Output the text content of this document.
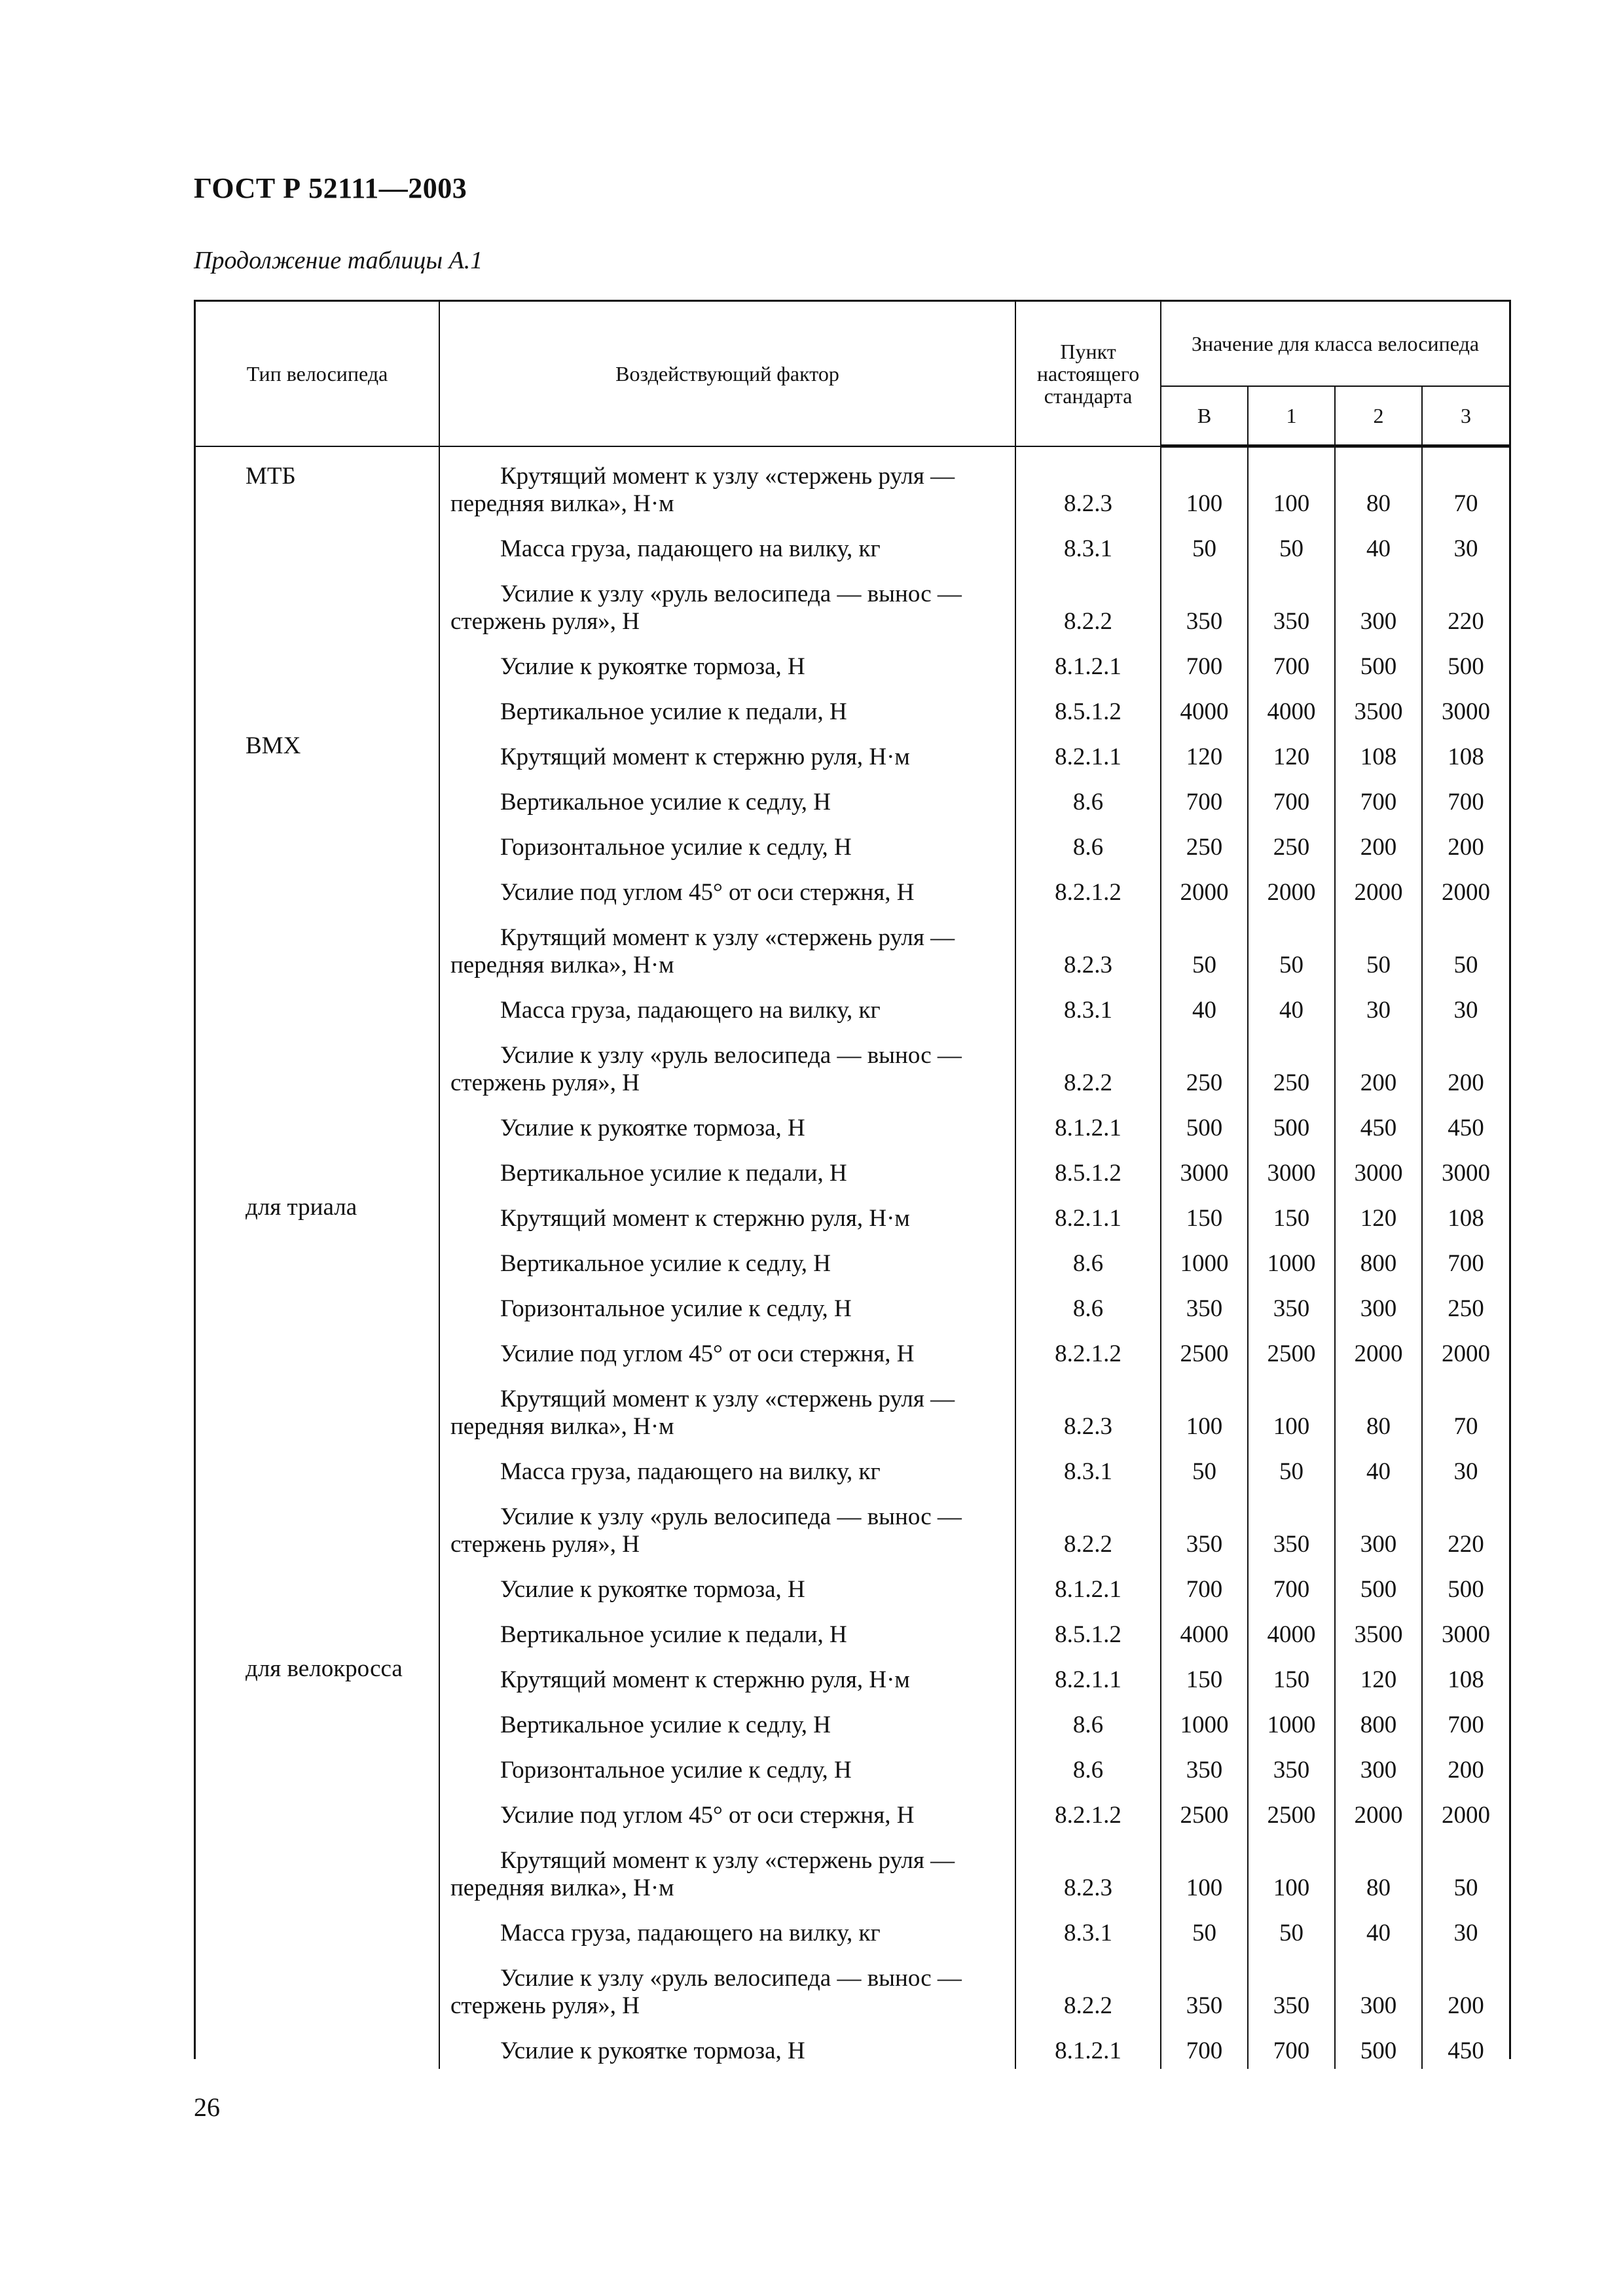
ГОСТ Р 52111—2003
Продолжение таблицы А.1
Тип велосипеда	Воздействующий фактор	Пункт настоящего стандарта	Значение для класса велосипеда			
			В	1	2	3
МТБ	Крутящий момент к узлу «стержень руля — передняя вилка», Н·м	8.2.3	100	100	80	70
	Масса груза, падающего на вилку, кг	8.3.1	50	50	40	30
	Усилие к узлу «руль велосипеда — вынос — стержень руля», Н	8.2.2	350	350	300	220
	Усилие к рукоятке тормоза, Н	8.1.2.1	700	700	500	500
	Вертикальное усилие к педали, Н	8.5.1.2	4000	4000	3500	3000
ВМХ	Крутящий момент к стержню руля, Н·м	8.2.1.1	120	120	108	108
	Вертикальное усилие к седлу, Н	8.6	700	700	700	700
	Горизонтальное усилие к седлу, Н	8.6	250	250	200	200
	Усилие под углом 45° от оси стержня, Н	8.2.1.2	2000	2000	2000	2000
	Крутящий момент к узлу «стержень руля — передняя вилка», Н·м	8.2.3	50	50	50	50
	Масса груза, падающего на вилку, кг	8.3.1	40	40	30	30
	Усилие к узлу «руль велосипеда — вынос — стержень руля», Н	8.2.2	250	250	200	200
	Усилие к рукоятке тормоза, Н	8.1.2.1	500	500	450	450
	Вертикальное усилие к педали, Н	8.5.1.2	3000	3000	3000	3000
для триала	Крутящий момент к стержню руля, Н·м	8.2.1.1	150	150	120	108
	Вертикальное усилие к седлу, Н	8.6	1000	1000	800	700
	Горизонтальное усилие к седлу, Н	8.6	350	350	300	250
	Усилие под углом 45° от оси стержня, Н	8.2.1.2	2500	2500	2000	2000
	Крутящий момент к узлу «стержень руля — передняя вилка», Н·м	8.2.3	100	100	80	70
	Масса груза, падающего на вилку, кг	8.3.1	50	50	40	30
	Усилие к узлу «руль велосипеда — вынос — стержень руля», Н	8.2.2	350	350	300	220
	Усилие к рукоятке тормоза, Н	8.1.2.1	700	700	500	500
	Вертикальное усилие к педали, Н	8.5.1.2	4000	4000	3500	3000
для велокросса	Крутящий момент к стержню руля, Н·м	8.2.1.1	150	150	120	108
	Вертикальное усилие к седлу, Н	8.6	1000	1000	800	700
	Горизонтальное усилие к седлу, Н	8.6	350	350	300	200
	Усилие под углом 45° от оси стержня, Н	8.2.1.2	2500	2500	2000	2000
	Крутящий момент к узлу «стержень руля — передняя вилка», Н·м	8.2.3	100	100	80	50
	Масса груза, падающего на вилку, кг	8.3.1	50	50	40	30
	Усилие к узлу «руль велосипеда — вынос — стержень руля», Н	8.2.2	350	350	300	200
	Усилие к рукоятке тормоза, Н	8.1.2.1	700	700	500	450
26
